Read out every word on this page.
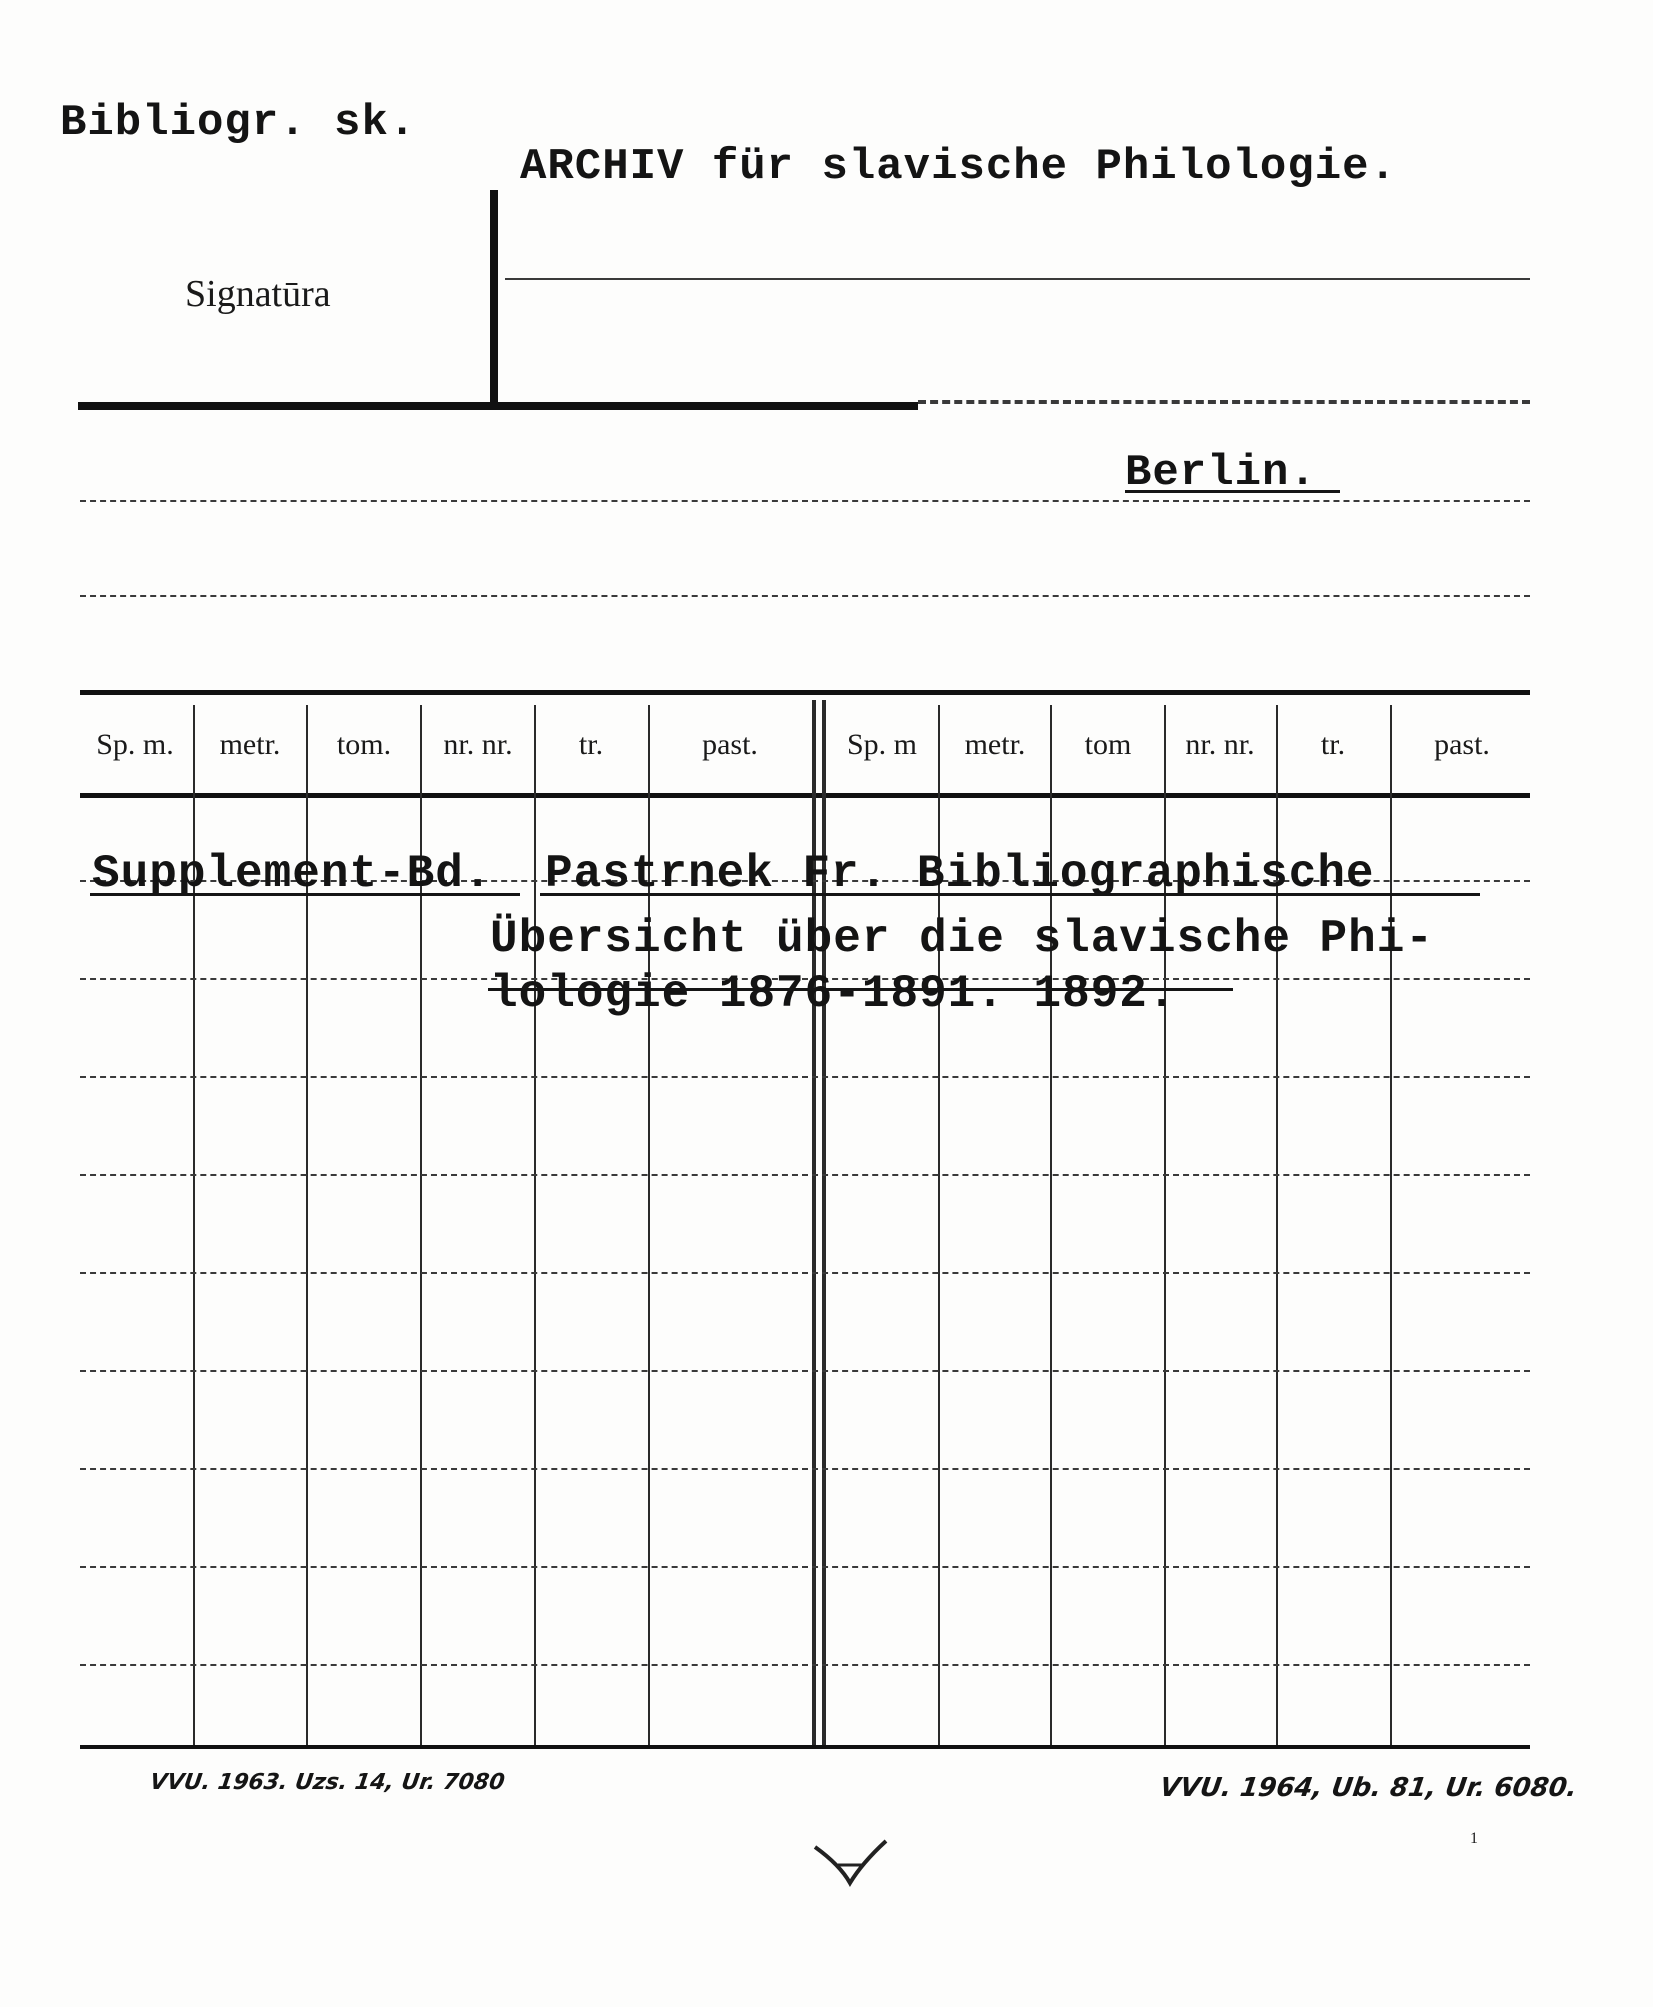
Bibliogr. sk.
ARCHIV für slavische Philologie.
Signatūra
Berlin.
Sp. m.	metr.	tom.	nr. nr.	tr.	past.	Sp. m	metr.	tom	nr. nr.	tr.	past.
Supplement-Bd. Pastrnek Fr. Bibliographische
Übersicht über die slavische Phi-
lologie 1876-1891. 1892.
VVU. 1963. Uzs. 14, Ur. 7080	VVU. 1964, Ub. 81, Ur. 6080.
1
